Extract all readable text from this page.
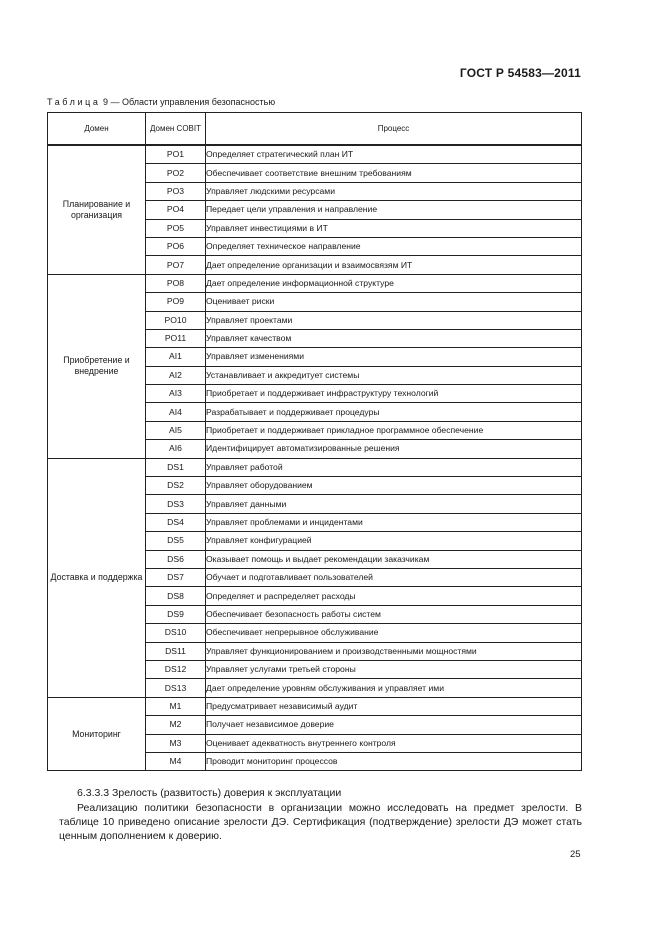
ГОСТ Р 54583—2011
Таблица 9 — Области управления безопасностью
Домен	Домен COBIT	Процесс
Планирование и организация	PO1	Определяет стратегический план ИТ
	PO2	Обеспечивает соответствие внешним требованиям
	PO3	Управляет людскими ресурсами
	PO4	Передает цели управления и направление
	PO5	Управляет инвестициями в ИТ
	PO6	Определяет техническое направление
	PO7	Дает определение организации и взаимосвязям ИТ
Приобретение и внедрение	PO8	Дает определение информационной структуре
	PO9	Оценивает риски
	PO10	Управляет проектами
	PO11	Управляет качеством
	AI1	Управляет изменениями
	AI2	Устанавливает и аккредитует системы
	AI3	Приобретает и поддерживает инфраструктуру технологий
	AI4	Разрабатывает и поддерживает процедуры
	AI5	Приобретает и поддерживает прикладное программное обеспечение
	AI6	Идентифицирует автоматизированные решения
Доставка и поддержка	DS1	Управляет работой
	DS2	Управляет оборудованием
	DS3	Управляет данными
	DS4	Управляет проблемами и инцидентами
	DS5	Управляет конфигурацией
	DS6	Оказывает помощь и выдает рекомендации заказчикам
	DS7	Обучает и подготавливает пользователей
	DS8	Определяет и распределяет расходы
	DS9	Обеспечивает безопасность работы систем
	DS10	Обеспечивает непрерывное обслуживание
	DS11	Управляет функционированием и производственными мощностями
	DS12	Управляет услугами третьей стороны
	DS13	Дает определение уровням обслуживания и управляет ими
Мониторинг	M1	Предусматривает независимый аудит
	M2	Получает независимое доверие
	M3	Оценивает адекватность внутреннего контроля
	M4	Проводит мониторинг процессов
6.3.3.3 Зрелость (развитость) доверия к эксплуатации
Реализацию политики безопасности в организации можно исследовать на предмет зрелости. В таблице 10 приведено описание зрелости ДЭ. Сертификация (подтверждение) зрелости ДЭ может стать ценным дополнением к доверию.
25
